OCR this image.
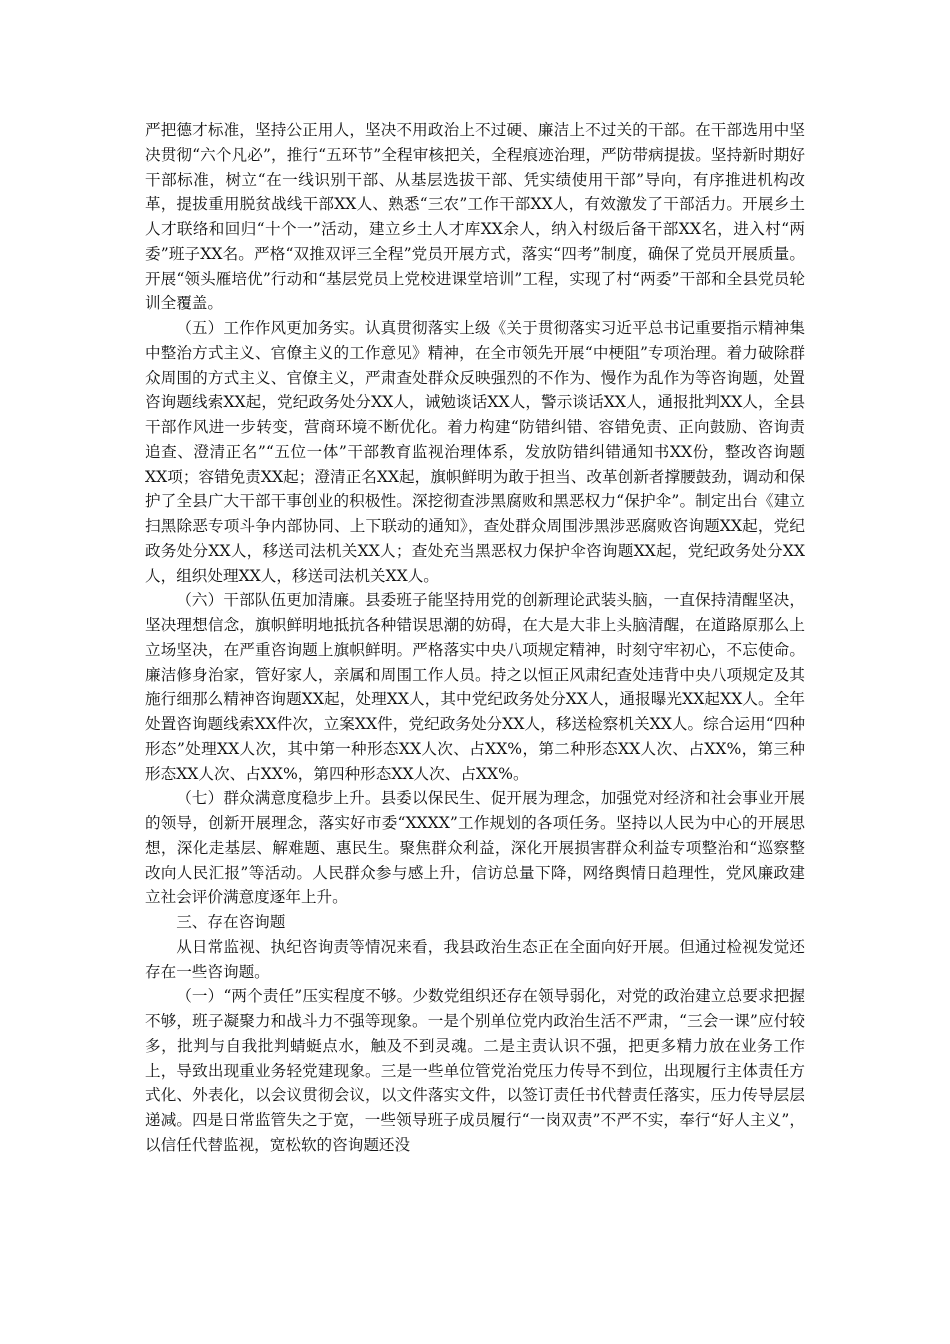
严把德才标准，坚持公正用人，坚决不用政治上不过硬、廉洁上不过关的干部。在干部选用中坚决贯彻“六个凡必”，推行“五环节”全程审核把关，全程痕迹治理，严防带病提拔。坚持新时期好干部标准，树立“在一线识别干部、从基层选拔干部、凭实绩使用干部”导向，有序推进机构改革，提拔重用脱贫战线干部XX人、熟悉“三农”工作干部XX人，有效激发了干部活力。开展乡土人才联络和回归“十个一”活动，建立乡土人才库XX余人，纳入村级后备干部XX名，进入村“两委”班子XX名。严格“双推双评三全程”党员开展方式，落实“四考”制度，确保了党员开展质量。开展“领头雁培优”行动和“基层党员上党校进课堂培训”工程，实现了村“两委”干部和全县党员轮训全覆盖。

（五）工作作风更加务实。认真贯彻落实上级《关于贯彻落实习近平总书记重要指示精神集中整治方式主义、官僚主义的工作意见》精神，在全市领先开展“中梗阻”专项治理。着力破除群众周围的方式主义、官僚主义，严肃查处群众反映强烈的不作为、慢作为乱作为等咨询题，处置咨询题线索XX起，党纪政务处分XX人，诫勉谈话XX人，警示谈话XX人，通报批判XX人，全县干部作风进一步转变，营商环境不断优化。着力构建“防错纠错、容错免责、正向鼓励、咨询责追查、澄清正名”“五位一体”干部教育监视治理体系，发放防错纠错通知书XX份，整改咨询题XX项；容错免责XX起；澄清正名XX起，旗帜鲜明为敢于担当、改革创新者撑腰鼓劲，调动和保护了全县广大干部干事创业的积极性。深挖彻查涉黑腐败和黑恶权力“保护伞”。制定出台《建立扫黑除恶专项斗争内部协同、上下联动的通知》，查处群众周围涉黑涉恶腐败咨询题XX起，党纪政务处分XX人，移送司法机关XX人；查处充当黑恶权力保护伞咨询题XX起，党纪政务处分XX人，组织处理XX人，移送司法机关XX人。

（六）干部队伍更加清廉。县委班子能坚持用党的创新理论武装头脑，一直保持清醒坚决，坚决理想信念，旗帜鲜明地抵抗各种错误思潮的妨碍，在大是大非上头脑清醒，在道路原那么上立场坚决，在严重咨询题上旗帜鲜明。严格落实中央八项规定精神，时刻守牢初心，不忘使命。廉洁修身治家，管好家人，亲属和周围工作人员。持之以恒正风肃纪查处违背中央八项规定及其施行细那么精神咨询题XX起，处理XX人，其中党纪政务处分XX人，通报曝光XX起XX人。全年处置咨询题线索XX件次，立案XX件，党纪政务处分XX人，移送检察机关XX人。综合运用“四种形态”处理XX人次，其中第一种形态XX人次、占XX%，第二种形态XX人次、占XX%，第三种形态XX人次、占XX%，第四种形态XX人次、占XX%。

（七）群众满意度稳步上升。县委以保民生、促开展为理念，加强党对经济和社会事业开展的领导，创新开展理念，落实好市委“XXXX”工作规划的各项任务。坚持以人民为中心的开展思想，深化走基层、解难题、惠民生。聚焦群众利益，深化开展损害群众利益专项整治和“巡察整改向人民汇报”等活动。人民群众参与感上升，信访总量下降，网络舆情日趋理性，党风廉政建立社会评价满意度逐年上升。

三、存在咨询题

从日常监视、执纪咨询责等情况来看，我县政治生态正在全面向好开展。但通过检视发觉还存在一些咨询题。

（一）“两个责任”压实程度不够。少数党组织还存在领导弱化，对党的政治建立总要求把握不够，班子凝聚力和战斗力不强等现象。一是个别单位党内政治生活不严肃，“三会一课”应付较多，批判与自我批判蜻蜓点水，触及不到灵魂。二是主责认识不强，把更多精力放在业务工作上，导致出现重业务轻党建现象。三是一些单位管党治党压力传导不到位，出现履行主体责任方式化、外表化，以会议贯彻会议，以文件落实文件，以签订责任书代替责任落实，压力传导层层递减。四是日常监管失之于宽，一些领导班子成员履行“一岗双责”不严不实，奉行“好人主义”，以信任代替监视，宽松软的咨询题还没
